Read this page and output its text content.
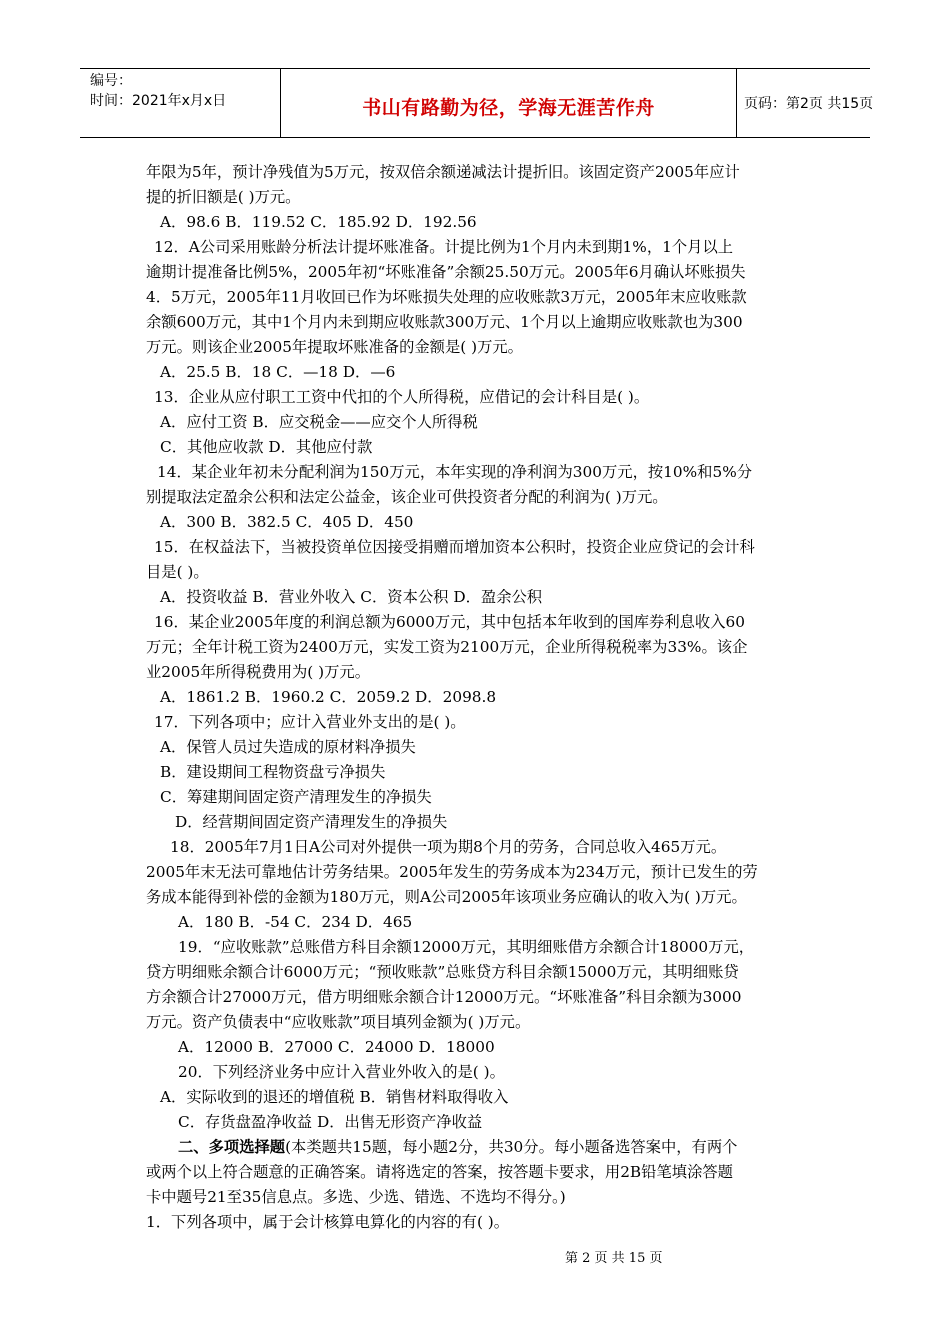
编号：
时间：2021年x月x日	书山有路勤为径，学海无涯苦作舟	页码：第2页 共15页
年限为5年，预计净残值为5万元，按双倍余额递减法计提折旧。该固定资产2005年应计
提的折旧额是( )万元。
A．98.6 B．119.52 C．185.92 D．192.56
12．A公司采用账龄分析法计提坏账准备。计提比例为1个月内未到期1%，1个月以上
逾期计提准备比例5%，2005年初“坏账准备”余额25.50万元。2005年6月确认坏账损失
4．5万元，2005年11月收回已作为坏账损失处理的应收账款3万元，2005年末应收账款
余额600万元，其中1个月内未到期应收账款300万元、1个月以上逾期应收账款也为300
万元。则该企业2005年提取坏账准备的金额是( )万元。
A．25.5 B．18 C．—18 D．—6
13．企业从应付职工工资中代扣的个人所得税，应借记的会计科目是( )。
A．应付工资 B．应交税金——应交个人所得税
C．其他应收款 D．其他应付款
14．某企业年初未分配利润为150万元，本年实现的净利润为300万元，按10%和5%分
别提取法定盈余公积和法定公益金，该企业可供投资者分配的利润为( )万元。
A．300 B．382.5 C．405 D．450
15．在权益法下，当被投资单位因接受捐赠而增加资本公积时，投资企业应贷记的会计科
目是( )。
A．投资收益 B．营业外收入 C．资本公积 D．盈余公积
16．某企业2005年度的利润总额为6000万元，其中包括本年收到的国库券利息收入60
万元；全年计税工资为2400万元，实发工资为2100万元，企业所得税税率为33%。该企
业2005年所得税费用为( )万元。
A．1861.2 B．1960.2 C．2059.2 D．2098.8
17．下列各项中；应计入营业外支出的是( )。
A．保管人员过失造成的原材料净损失
B．建设期间工程物资盘亏净损失
C．筹建期间固定资产清理发生的净损失
D．经营期间固定资产清理发生的净损失
18．2005年7月1日A公司对外提供一项为期8个月的劳务，合同总收入465万元。
2005年末无法可靠地估计劳务结果。2005年发生的劳务成本为234万元，预计已发生的劳
务成本能得到补偿的金额为180万元，则A公司2005年该项业务应确认的收入为( )万元。
A．180 B．-54 C．234 D．465
19．“应收账款”总账借方科目余额12000万元，其明细账借方余额合计18000万元，
贷方明细账余额合计6000万元；“预收账款”总账贷方科目余额15000万元，其明细账贷
方余额合计27000万元，借方明细账余额合计12000万元。“坏账准备”科目余额为3000
万元。资产负债表中“应收账款”项目填列金额为( )万元。
A．12000 B．27000 C．24000 D．18000
20．下列经济业务中应计入营业外收入的是( )。
A．实际收到的退还的增值税 B．销售材料取得收入
C．存货盘盈净收益 D．出售无形资产净收益
二、多项选择题(本类题共15题，每小题2分，共30分。每小题备选答案中，有两个
或两个以上符合题意的正确答案。请将选定的答案，按答题卡要求，用2B铅笔填涂答题
卡中题号21至35信息点。多选、少选、错选、不选均不得分。)
1．下列各项中，属于会计核算电算化的内容的有( )。
第 2 页 共 15 页
